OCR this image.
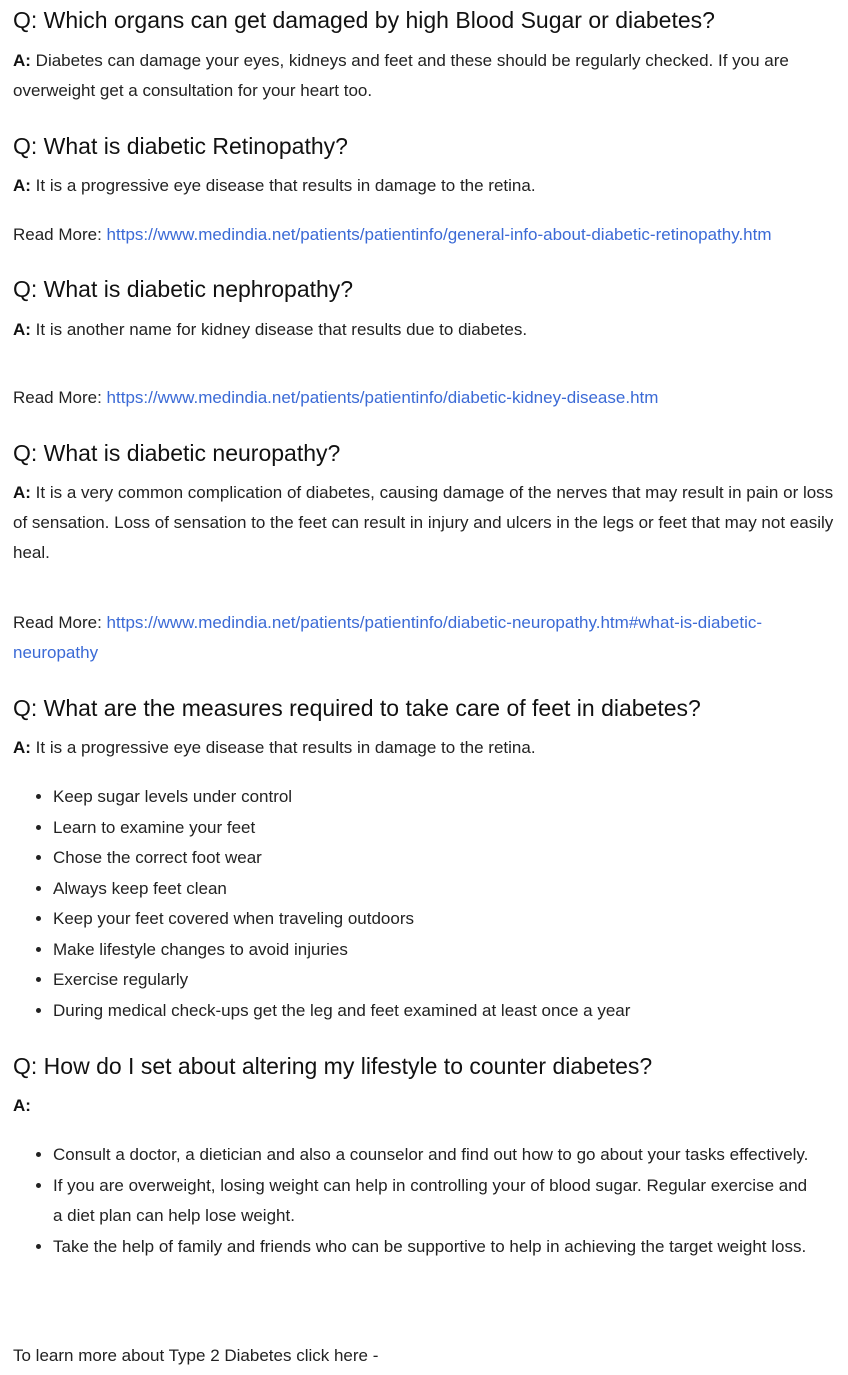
Q: Which organs can get damaged by high Blood Sugar or diabetes?

A: Diabetes can damage your eyes, kidneys and feet and these should be regularly checked. If you are overweight get a consultation for your heart too.

Q: What is diabetic Retinopathy?

A: It is a progressive eye disease that results in damage to the retina.

Read More: https://www.medindia.net/patients/patientinfo/general-info-about-diabetic-retinopathy.htm

Q: What is diabetic nephropathy?

A: It is another name for kidney disease that results due to diabetes.

Read More: https://www.medindia.net/patients/patientinfo/diabetic-kidney-disease.htm

Q: What is diabetic neuropathy?

A: It is a very common complication of diabetes, causing damage of the nerves that may result in pain or loss of sensation. Loss of sensation to the feet can result in injury and ulcers in the legs or feet that may not easily heal.

Read More: https://www.medindia.net/patients/patientinfo/diabetic-neuropathy.htm#what-is-diabetic-neuropathy

Q: What are the measures required to take care of feet in diabetes?

A: It is a progressive eye disease that results in damage to the retina.

• Keep sugar levels under control
• Learn to examine your feet
• Chose the correct foot wear
• Always keep feet clean
• Keep your feet covered when traveling outdoors
• Make lifestyle changes to avoid injuries
• Exercise regularly
• During medical check-ups get the leg and feet examined at least once a year
Q: How do I set about altering my lifestyle to counter diabetes?

A:

• Consult a doctor, a dietician and also a counselor and find out how to go about your tasks effectively.
• If you are overweight, losing weight can help in controlling your of blood sugar. Regular exercise and a diet plan can help lose weight.
• Take the help of family and friends who can be supportive to help in achieving the target weight loss.

To learn more about Type 2 Diabetes click here -
